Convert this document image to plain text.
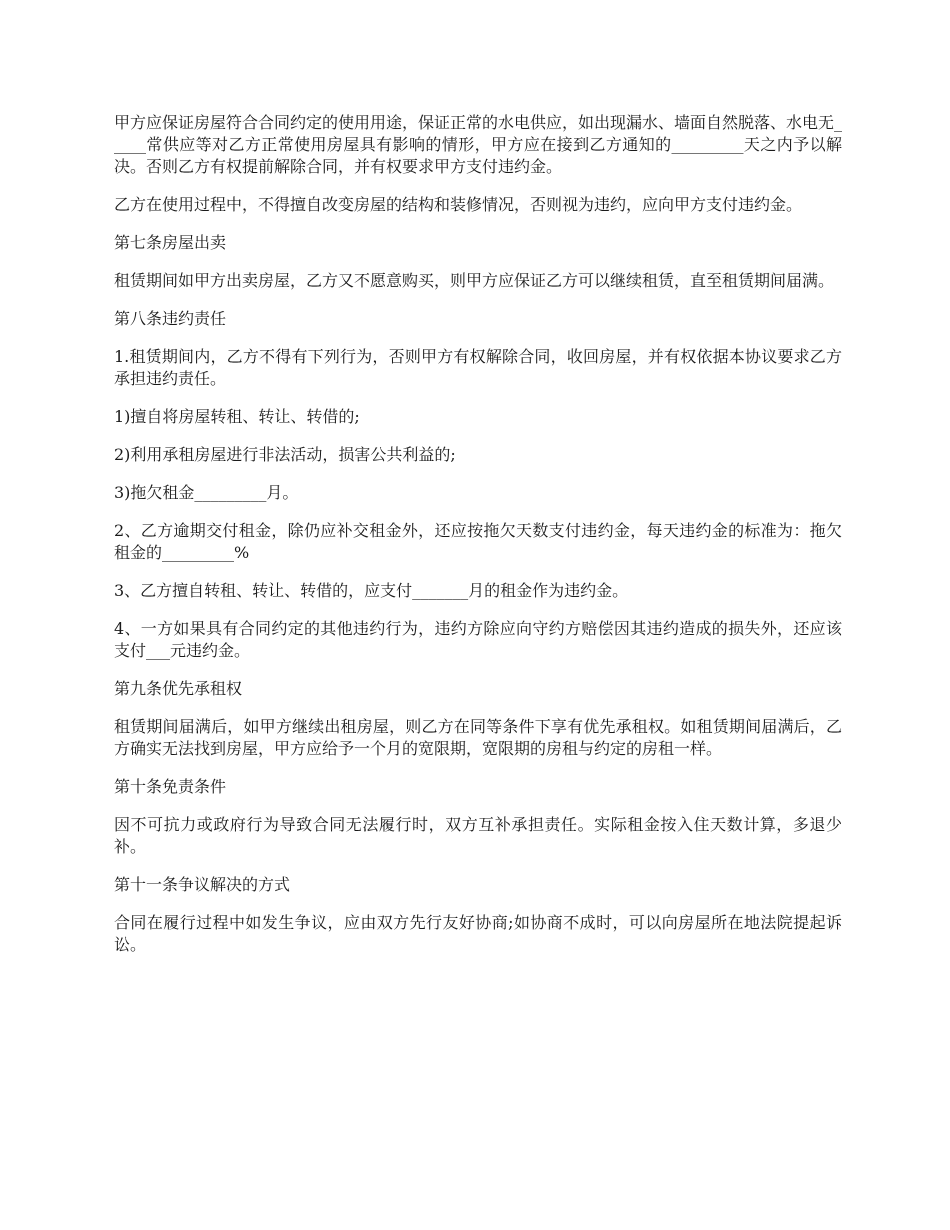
甲方应保证房屋符合合同约定的使用用途，保证正常的水电供应，如出现漏水、墙面自然脱落、水电无_____常供应等对乙方正常使用房屋具有影响的情形，甲方应在接到乙方通知的_________天之内予以解决。否则乙方有权提前解除合同，并有权要求甲方支付违约金。

乙方在使用过程中，不得擅自改变房屋的结构和装修情况，否则视为违约，应向甲方支付违约金。

第七条房屋出卖

租赁期间如甲方出卖房屋，乙方又不愿意购买，则甲方应保证乙方可以继续租赁，直至租赁期间届满。

第八条违约责任

1.租赁期间内，乙方不得有下列行为，否则甲方有权解除合同，收回房屋，并有权依据本协议要求乙方承担违约责任。

1)擅自将房屋转租、转让、转借的;

2)利用承租房屋进行非法活动，损害公共利益的;

3)拖欠租金_________月。

2、乙方逾期交付租金，除仍应补交租金外，还应按拖欠天数支付违约金，每天违约金的标准为：拖欠租金的_________%

3、乙方擅自转租、转让、转借的，应支付_______月的租金作为违约金。

4、一方如果具有合同约定的其他违约行为，违约方除应向守约方赔偿因其违约造成的损失外，还应该支付___元违约金。

第九条优先承租权

租赁期间届满后，如甲方继续出租房屋，则乙方在同等条件下享有优先承租权。如租赁期间届满后，乙方确实无法找到房屋，甲方应给予一个月的宽限期，宽限期的房租与约定的房租一样。

第十条免责条件

因不可抗力或政府行为导致合同无法履行时，双方互补承担责任。实际租金按入住天数计算，多退少补。

第十一条争议解决的方式

合同在履行过程中如发生争议，应由双方先行友好协商;如协商不成时，可以向房屋所在地法院提起诉讼。
